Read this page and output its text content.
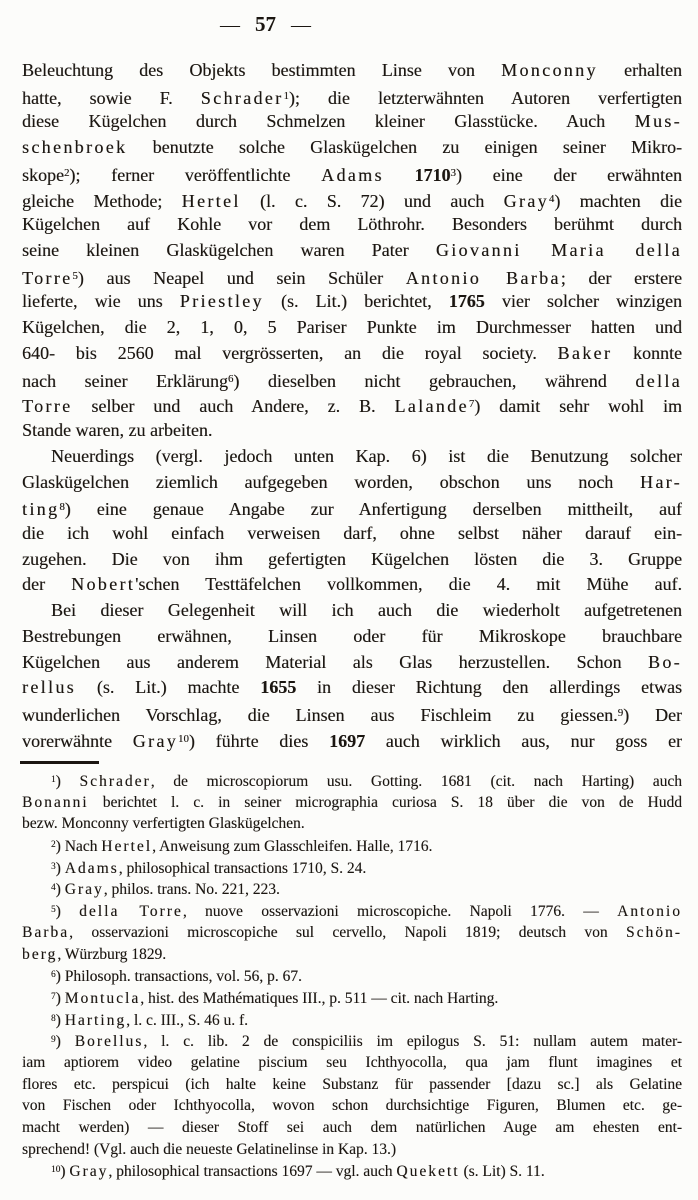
— 57 —
Beleuchtung des Objekts bestimmten Linse von Monconny erhalten
hatte, sowie F. Schrader$^1$); die letzterwähnten Autoren verfertigten
diese Kügelchen durch Schmelzen kleiner Glasstücke. Auch Mus-
schenbroek benutzte solche Glaskügelchen zu einigen seiner Mikro-
skope$^2$); ferner veröffentlichte Adams 1710$^3$) eine der erwähnten
gleiche Methode; Hertel (l. c. S. 72) und auch Gray$^4$) machten die
Kügelchen auf Kohle vor dem Löthrohr. Besonders berühmt durch
seine kleinen Glaskügelchen waren Pater Giovanni Maria della
Torre$^5$) aus Neapel und sein Schüler Antonio Barba; der erstere
lieferte, wie uns Priestley (s. Lit.) berichtet, 1765 vier solcher winzigen
Kügelchen, die 2, 1, 0, 5 Pariser Punkte im Durchmesser hatten und
640- bis 2560 mal vergrösserten, an die royal society. Baker konnte
nach seiner Erklärung$^6$) dieselben nicht gebrauchen, während della
Torre selber und auch Andere, z. B. Lalande$^7$) damit sehr wohl im
Stande waren, zu arbeiten.
Neuerdings (vergl. jedoch unten Kap. 6) ist die Benutzung solcher
Glaskügelchen ziemlich aufgegeben worden, obschon uns noch Har-
ting$^8$) eine genaue Angabe zur Anfertigung derselben mittheilt, auf
die ich wohl einfach verweisen darf, ohne selbst näher darauf ein-
zugehen. Die von ihm gefertigten Kügelchen lösten die 3. Gruppe
der Nobert'schen Testtäfelchen vollkommen, die 4. mit Mühe auf.
Bei dieser Gelegenheit will ich auch die wiederholt aufgetretenen
Bestrebungen erwähnen, Linsen oder für Mikroskope brauchbare
Kügelchen aus anderem Material als Glas herzustellen. Schon Bo-
rellus (s. Lit.) machte 1655 in dieser Richtung den allerdings etwas
wunderlichen Vorschlag, die Linsen aus Fischleim zu giessen.$^9$) Der
vorerwähnte Gray$^{10}$) führte dies 1697 auch wirklich aus, nur goss er
$^1$) Schrader, de microscopiorum usu. Gotting. 1681 (cit. nach Harting) auch
Bonanni berichtet l. c. in seiner micrographia curiosa S. 18 über die von de Hudd
bezw. Monconny verfertigten Glaskügelchen.
$^2$) Nach Hertel, Anweisung zum Glasschleifen. Halle, 1716.
$^3$) Adams, philosophical transactions 1710, S. 24.
$^4$) Gray, philos. trans. No. 221, 223.
$^5$) della Torre, nuove osservazioni microscopiche. Napoli 1776. — Antonio
Barba, osservazioni microscopiche sul cervello, Napoli 1819; deutsch von Schön-
berg, Würzburg 1829.
$^6$) Philosoph. transactions, vol. 56, p. 67.
$^7$) Montucla, hist. des Mathématiques III., p. 511 — cit. nach Harting.
$^8$) Harting, l. c. III., S. 46 u. f.
$^9$) Borellus, l. c. lib. 2 de conspiciliis im epilogus S. 51: nullam autem mater-
iam aptiorem video gelatine piscium seu Ichthyocolla, qua jam flunt imagines et
flores etc. perspicui (ich halte keine Substanz für passender [dazu sc.] als Gelatine
von Fischen oder Ichthyocolla, wovon schon durchsichtige Figuren, Blumen etc. ge-
macht werden) — dieser Stoff sei auch dem natürlichen Auge am ehesten ent-
sprechend! (Vgl. auch die neueste Gelatinelinse in Kap. 13.)
$^{10}$) Gray, philosophical transactions 1697 — vgl. auch Quekett (s. Lit) S. 11.
